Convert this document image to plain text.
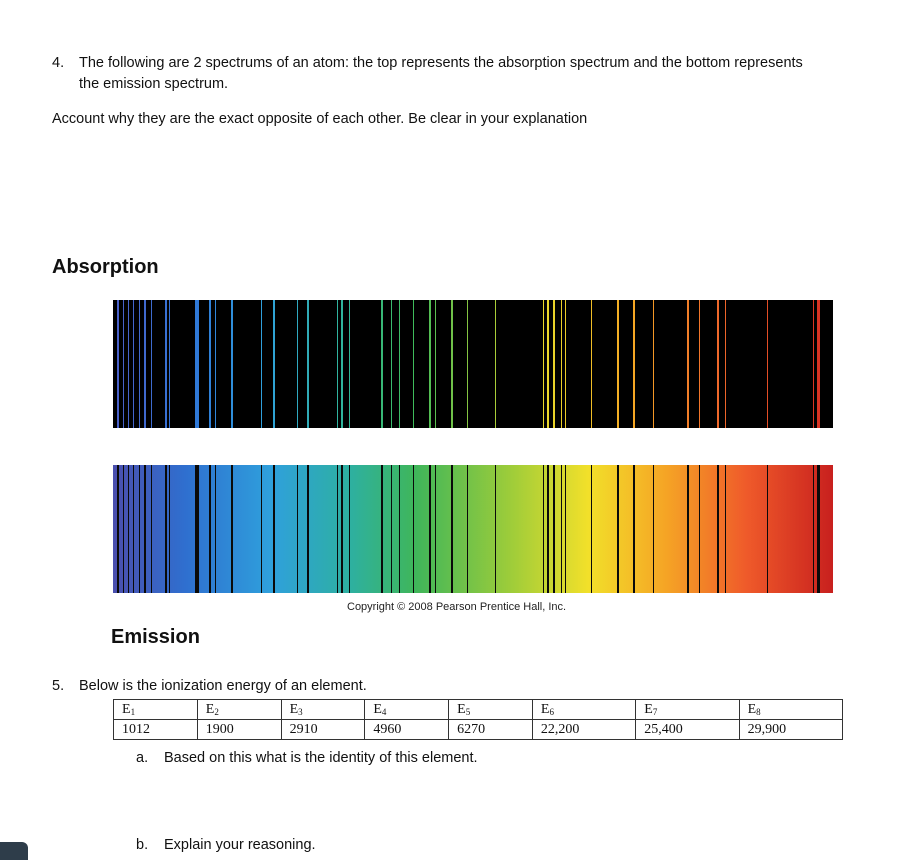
4. The following are 2 spectrums of an atom: the top represents the absorption spectrum and the bottom represents
the emission spectrum.
Account why they are the exact opposite of each other. Be clear in your explanation
Absorption
Copyright © 2008 Pearson Prentice Hall, Inc.
Emission
5. Below is the ionization energy of an element.
$E_1$	$E_2$	$E_3$	$E_4$	$E_5$	$E_6$	$E_7$	$E_8$
1012	1900	2910	4960	6270	22,200	25,400	29,900
a. Based on this what is the identity of this element.
b. Explain your reasoning.
